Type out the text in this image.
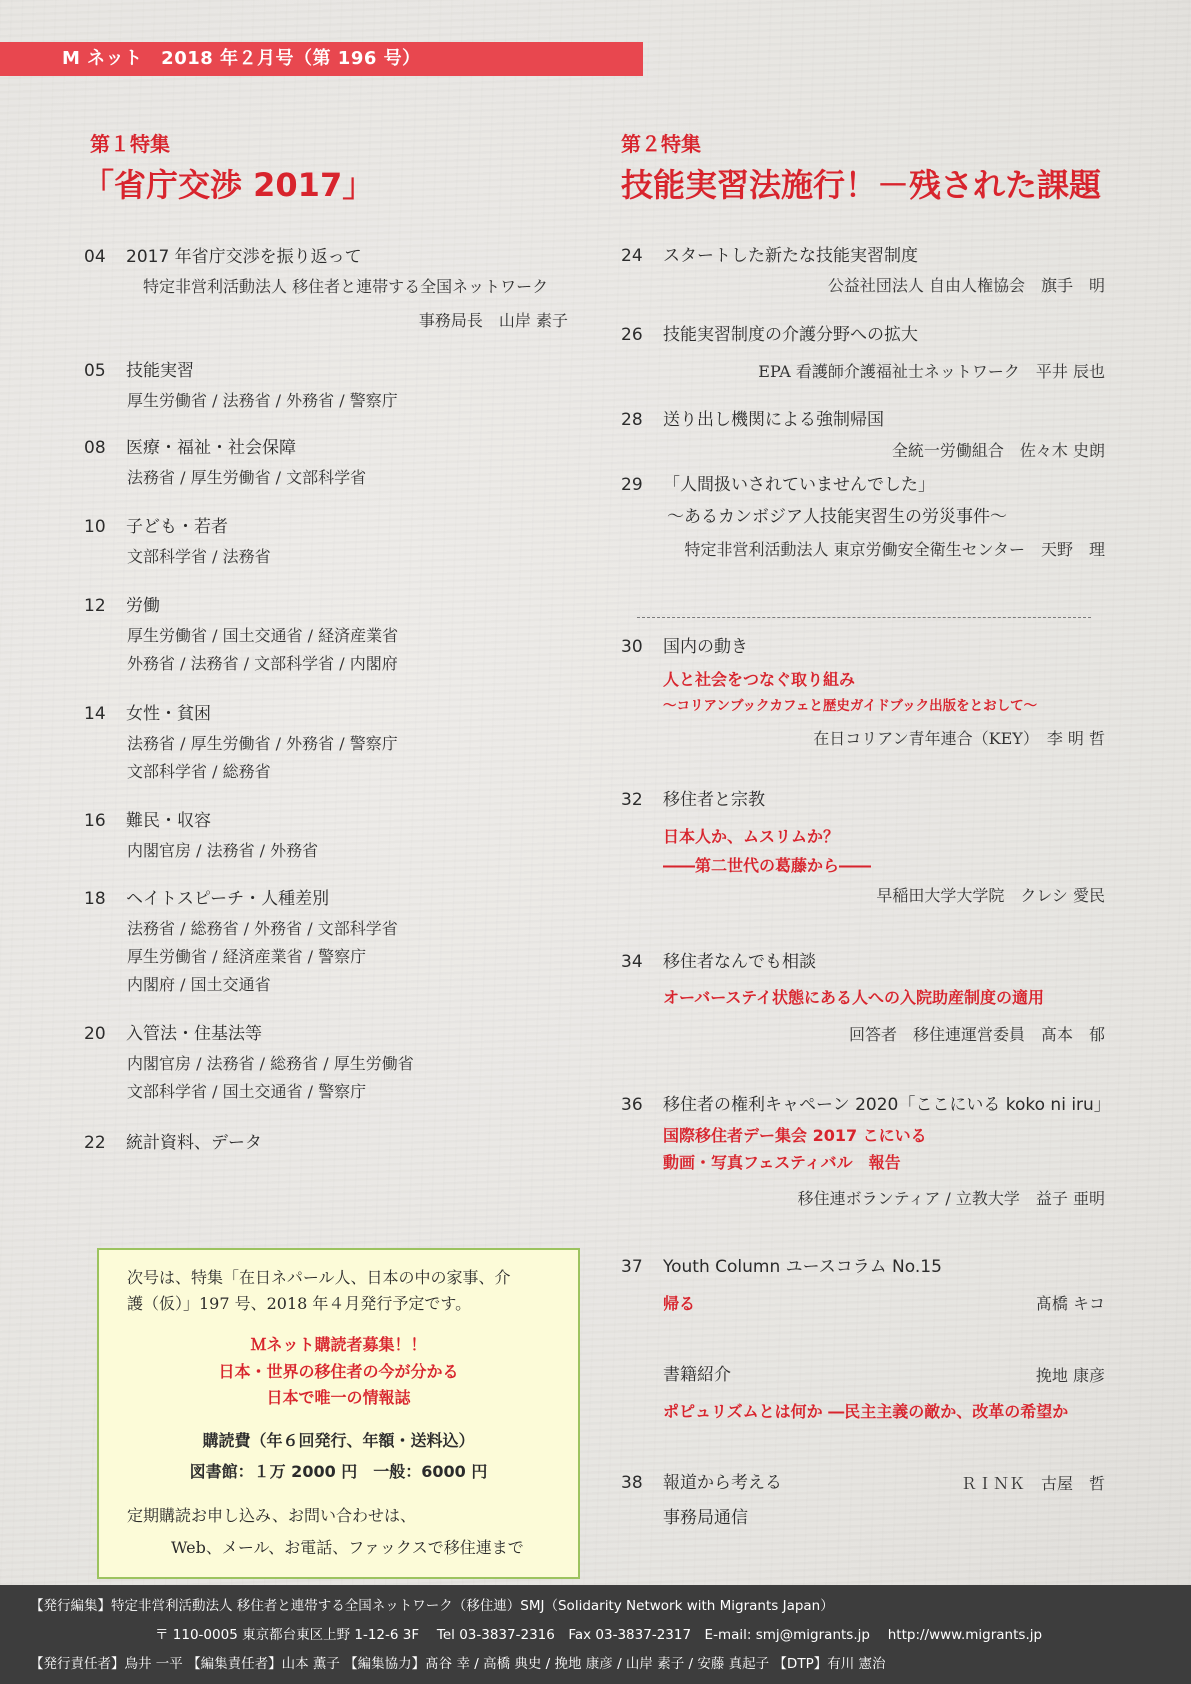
M ネット　2018 年２月号（第 196 号）
第１特集
「省庁交渉 2017」
04	2017 年省庁交渉を振り返って
特定非営利活動法人 移住者と連帯する全国ネットワーク
事務局長　山岸 素子
05	技能実習
厚生労働省 / 法務省 / 外務省 / 警察庁
08	医療・福祉・社会保障
法務省 / 厚生労働省 / 文部科学省
10	子ども・若者
文部科学省 / 法務省
12	労働
厚生労働省 / 国土交通省 / 経済産業省
外務省 / 法務省 / 文部科学省 / 内閣府
14	女性・貧困
法務省 / 厚生労働省 / 外務省 / 警察庁
文部科学省 / 総務省
16	難民・収容
内閣官房 / 法務省 / 外務省
18	ヘイトスピーチ・人種差別
法務省 / 総務省 / 外務省 / 文部科学省
厚生労働省 / 経済産業省 / 警察庁
内閣府 / 国土交通省
20	入管法・住基法等
内閣官房 / 法務省 / 総務省 / 厚生労働省
文部科学省 / 国土交通省 / 警察庁
22	統計資料、データ
第２特集
技能実習法施行！－残された課題
24	スタートした新たな技能実習制度
公益社団法人 自由人権協会　旗手　明
26	技能実習制度の介護分野への拡大
EPA 看護師介護福祉士ネットワーク　平井 辰也
28	送り出し機関による強制帰国
全統一労働組合　佐々木 史朗
29	「人間扱いされていませんでした」
～あるカンボジア人技能実習生の労災事件～
特定非営利活動法人 東京労働安全衛生センター　天野　理
30	国内の動き
人と社会をつなぐ取り組み
～コリアンブックカフェと歴史ガイドブック出版をとおして～
在日コリアン青年連合（KEY）　李 明 哲
32	移住者と宗教
日本人か、ムスリムか？
――第二世代の葛藤から――
早稲田大学大学院　クレシ 愛民
34	移住者なんでも相談
オーバーステイ状態にある人への入院助産制度の適用
回答者　移住連運営委員　髙本　郁
36	移住者の権利キャペーン 2020「ここにいる koko ni iru」
国際移住者デー集会 2017 こにいる
動画・写真フェスティバル　報告
移住連ボランティア / 立教大学　益子 亜明
37	Youth Column ユースコラム No.15
帰る	髙橋 キコ
書籍紹介	挽地 康彦
ポピュリズムとは何か ―民主主義の敵か、改革の希望か
38	報道から考える	ＲＩＮＫ　古屋　哲
事務局通信
次号は、特集「在日ネパール人、日本の中の家事、介
護（仮）」197 号、2018 年４月発行予定です。
Ｍネット購読者募集！！
日本・世界の移住者の今が分かる
日本で唯一の情報誌
購読費（年６回発行、年額・送料込）
図書館：１万 2000 円　一般：6000 円
定期購読お申し込み、お問い合わせは、
Web、メール、お電話、ファックスで移住連まで
【発行編集】特定非営利活動法人 移住者と連帯する全国ネットワーク（移住連）SMJ（Solidarity Network with Migrants Japan）
〒 110-0005 東京都台東区上野 1-12-6 3F　 Tel 03-3837-2316　Fax 03-3837-2317　E-mail: smj@migrants.jp　 http://www.migrants.jp
【発行責任者】鳥井 一平 【編集責任者】山本 薫子 【編集協力】髙谷 幸 / 高橋 典史 / 挽地 康彦 / 山岸 素子 / 安藤 真起子 【DTP】有川 憲治
